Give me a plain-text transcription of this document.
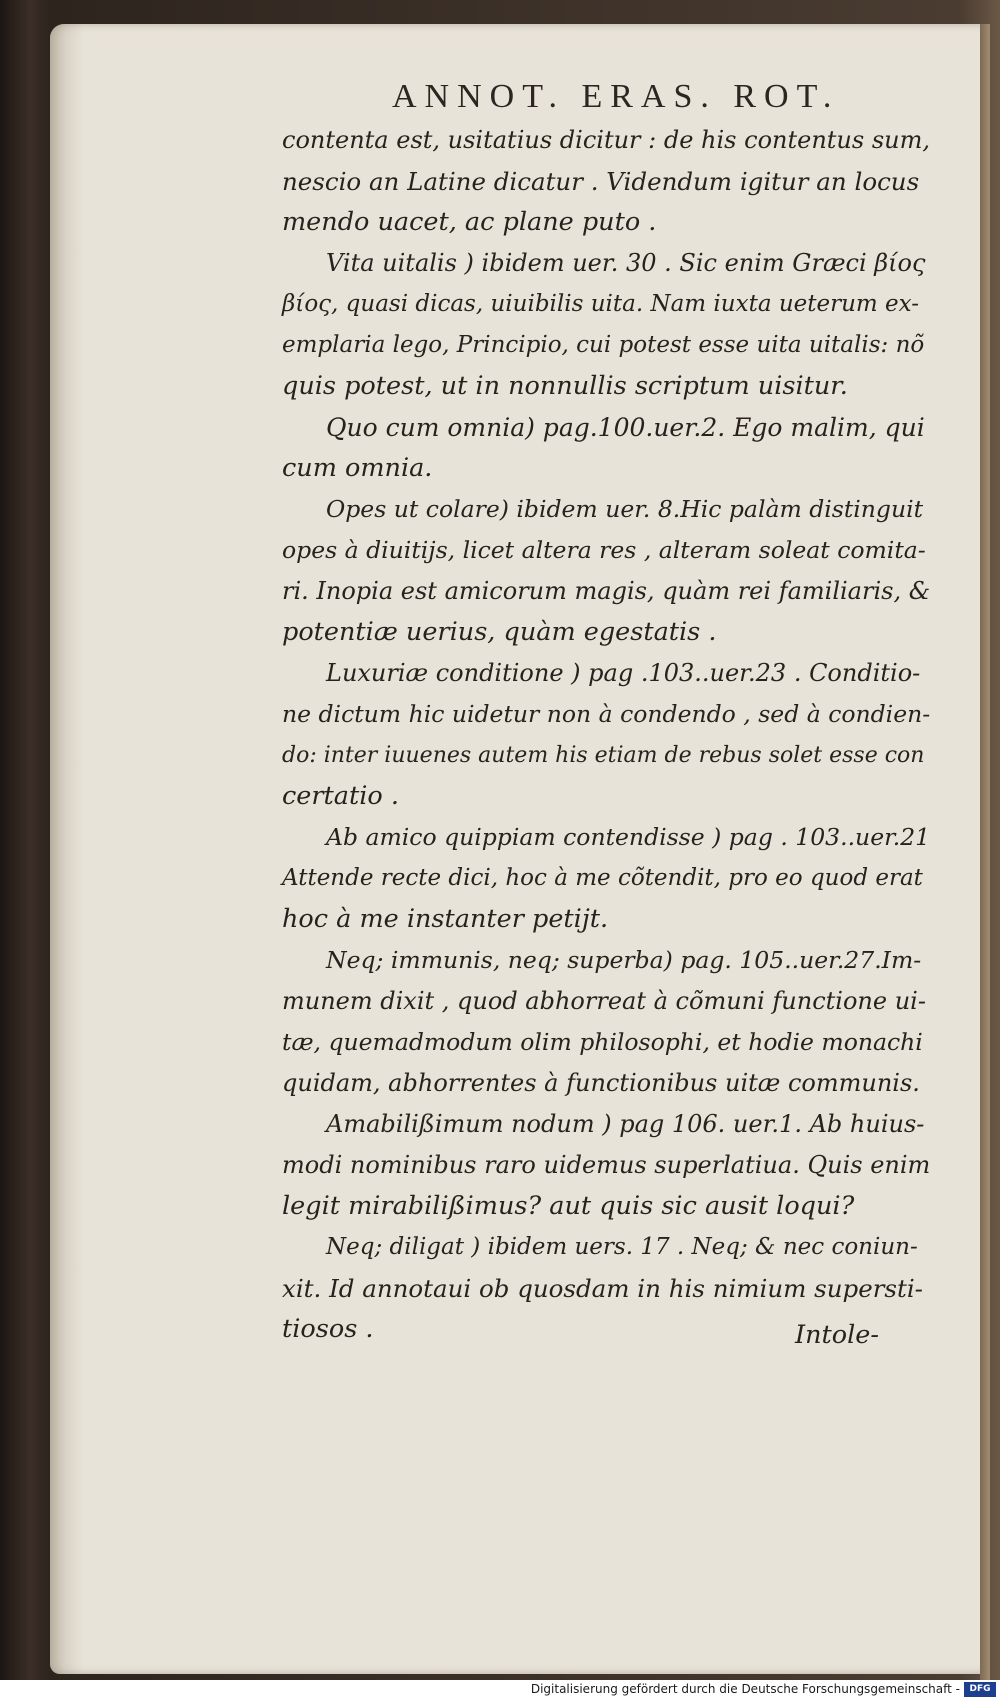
ANNOT. ERAS. ROT.
contenta est, usitatius dicitur : de his contentus sum,
nescio an Latine dicatur . Videndum igitur an locus
mendo uacet, ac plane puto .
Vita uitalis ) ibidem uer. 30 . Sic enim Græci βίος
βίος, quasi dicas, uiuibilis uita. Nam iuxta ueterum ex-
emplaria lego, Principio, cui potest esse uita uitalis: nõ
quis potest, ut in nonnullis scriptum uisitur.
Quo cum omnia) pag.100.uer.2. Ego malim, qui
cum omnia.
Opes ut colare) ibidem uer. 8.Hic palàm distinguit
opes à diuitijs, licet altera res , alteram soleat comita-
ri. Inopia est amicorum magis, quàm rei familiaris, &
potentiæ uerius, quàm egestatis .
Luxuriæ conditione ) pag .103..uer.23 . Conditio-
ne dictum hic uidetur non à condendo , sed à condien-
do: inter iuuenes autem his etiam de rebus solet esse con
certatio .
Ab amico quippiam contendisse ) pag . 103..uer.21
Attende recte dici, hoc à me cõtendit, pro eo quod erat
hoc à me instanter petijt.
Neq; immunis, neq; superba) pag. 105..uer.27.Im-
munem dixit , quod abhorreat à cõmuni functione ui-
tæ, quemadmodum olim philosophi, et hodie monachi
quidam, abhorrentes à functionibus uitæ communis.
Amabilißimum nodum ) pag 106. uer.1. Ab huius-
modi nominibus raro uidemus superlatiua. Quis enim
legit mirabilißimus? aut quis sic ausit loqui?
Neq; diligat ) ibidem uers. 17 . Neq; & nec coniun-
xit. Id annotaui ob quosdam in his nimium supersti-
tiosos .	Intole-
Digitalisierung gefördert durch die Deutsche Forschungsgemeinschaft -	DFG
